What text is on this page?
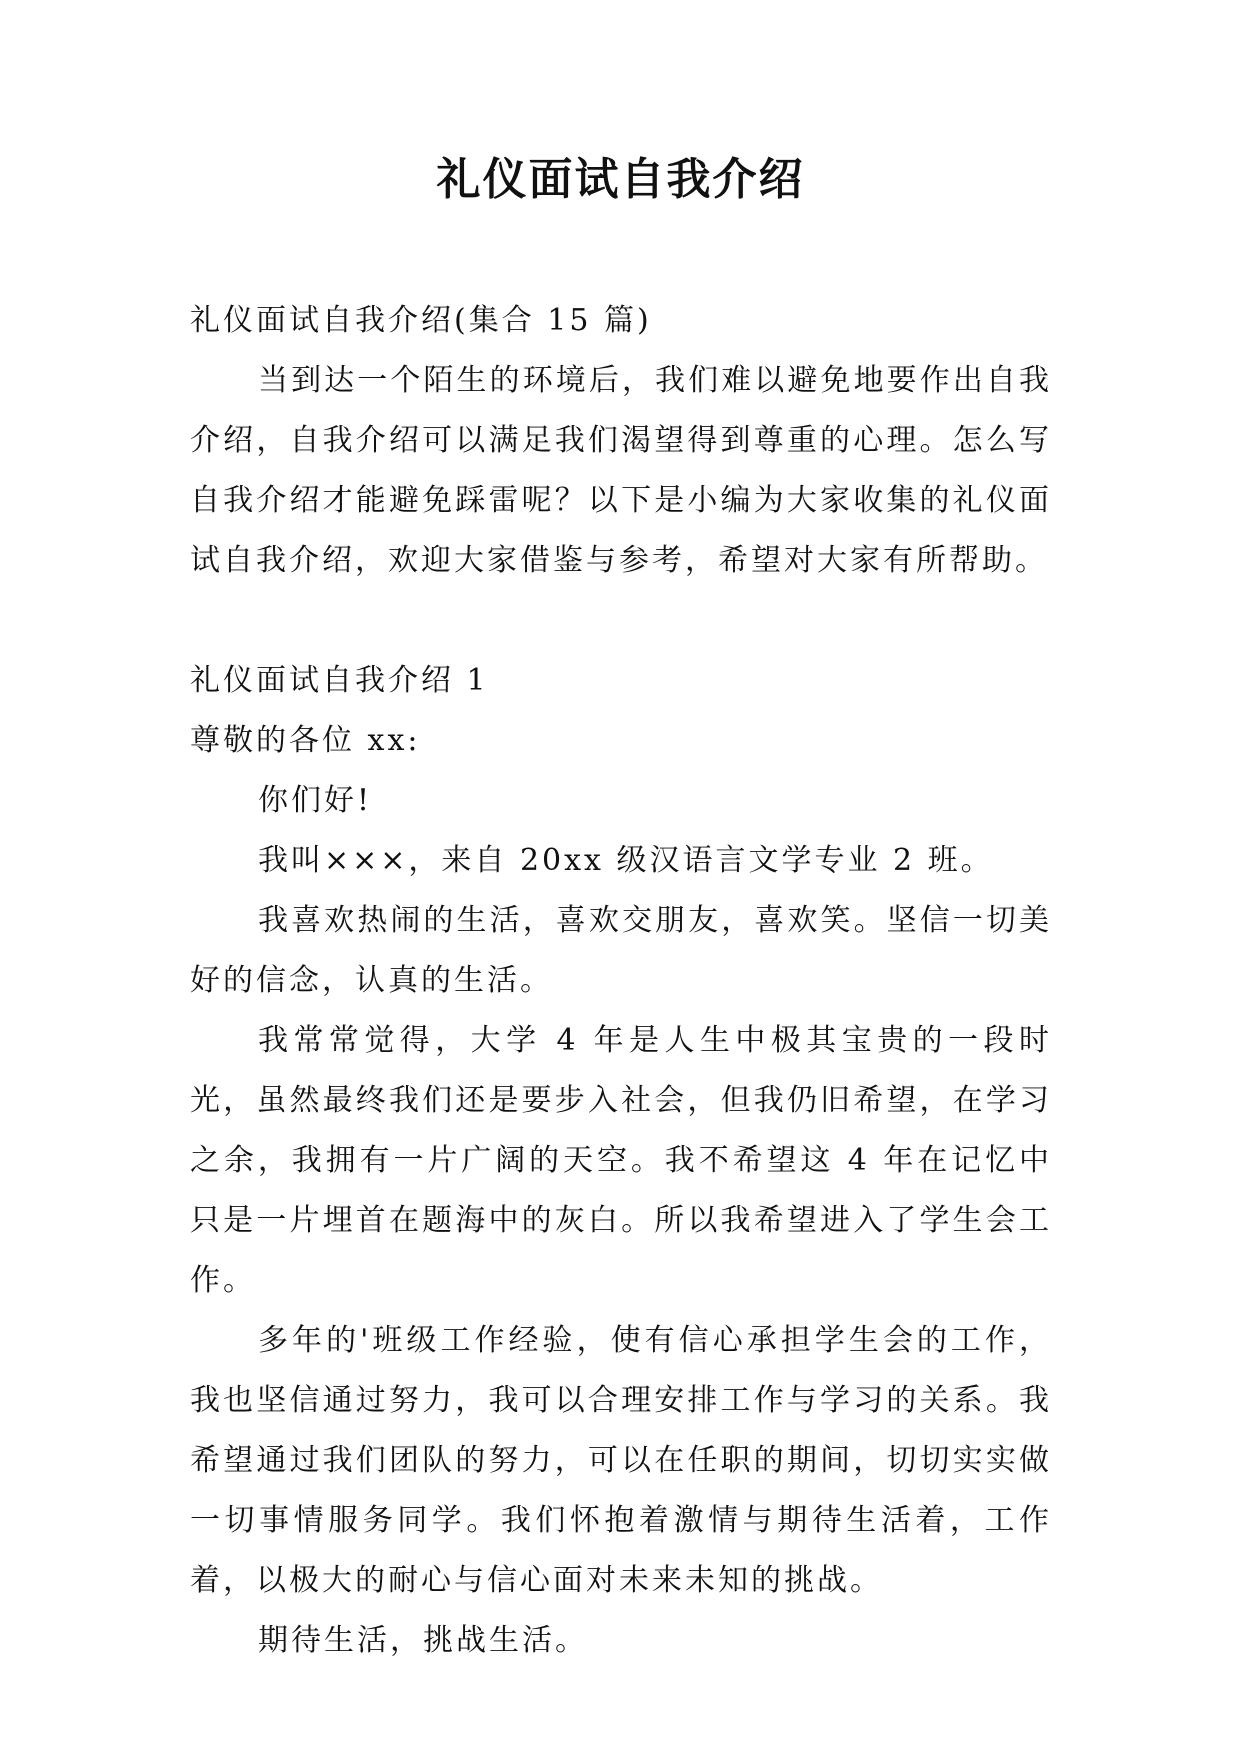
礼仪面试自我介绍

礼仪面试自我介绍(集合 15 篇)

当到达一个陌生的环境后，我们难以避免地要作出自我介绍，自我介绍可以满足我们渴望得到尊重的心理。怎么写自我介绍才能避免踩雷呢？以下是小编为大家收集的礼仪面试自我介绍，欢迎大家借鉴与参考，希望对大家有所帮助。

礼仪面试自我介绍 1

尊敬的各位 xx:

你们好!

我叫×××，来自 20xx 级汉语言文学专业 2 班。

我喜欢热闹的生活，喜欢交朋友，喜欢笑。坚信一切美好的信念，认真的生活。

我常常觉得，大学 4 年是人生中极其宝贵的一段时光，虽然最终我们还是要步入社会，但我仍旧希望，在学习之余，我拥有一片广阔的天空。我不希望这 4 年在记忆中只是一片埋首在题海中的灰白。所以我希望进入了学生会工作。

多年的'班级工作经验，使有信心承担学生会的工作，我也坚信通过努力，我可以合理安排工作与学习的关系。我希望通过我们团队的努力，可以在任职的期间，切切实实做一切事情服务同学。我们怀抱着激情与期待生活着，工作着，以极大的耐心与信心面对未来未知的挑战。

期待生活，挑战生活。
